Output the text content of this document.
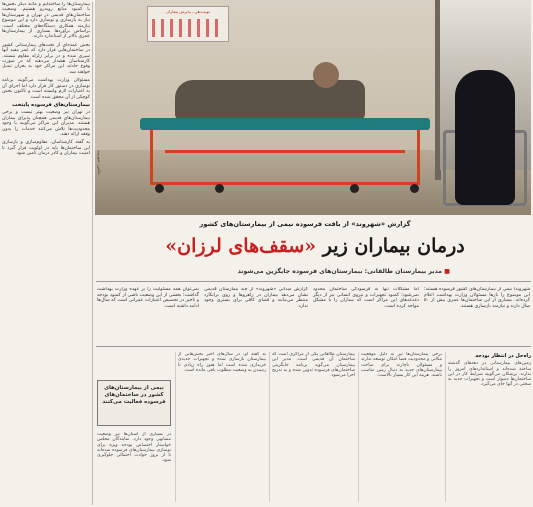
بیمارستان‌ها را ساخته‌ایم و مانند دیگر بخش‌ها با کمبود منابع روبه‌رو هستیم. وضعیت ساختمان‌های قدیمی در تهران و شهرستان‌ها نیاز به بازسازی و نوسازی دارد و این موضوع نیازمند همکاری دستگاه‌های مختلف است. براساس برآوردها بسیاری از بیمارستان‌ها عمری بالاتر از استاندارد دارند.

بخش عمده‌ای از تخت‌های بیمارستانی کشور در ساختمان‌هایی قرار دارد که عمر مفید آنها سپری شده و در برابر زلزله مقاوم نیستند. کارشناسان هشدار می‌دهند که در صورت وقوع حادثه، این مراکز خود به بحران تبدیل خواهند شد.

مسئولان وزارت بهداشت می‌گویند برنامه نوسازی در دستور کار قرار دارد اما اجرای آن به اعتبارات لازم وابسته است و تاکنون بخش کوچکی از آن محقق شده است.

بیمارستان‌های فرسوده پایتخت

در تهران نیز وضعیت بهتر نیست و برخی بیمارستان‌های قدیمی همچنان پذیرای بیماران هستند. مدیران این مراکز می‌گویند با وجود محدودیت‌ها تلاش می‌کنند خدمات را بدون وقفه ارائه دهند.

به گفته کارشناسان، مقاوم‌سازی و بازسازی این ساختمان‌ها باید در اولویت قرار گیرد تا امنیت بیماران و کادر درمان تامین شود.

نوبت‌دهی ـ پذیرش بیماران
عکس: شهروند
گزارش «شهروند» از بافت فرسوده نیمی از بیمارستان‌های کشور
درمان بیماران زیر «سقف‌های لرزان»
■ مدیر بیمارستان طالقانی: بیمارستان‌های فرسوده جایگزین می‌شوند
شهروند/ نیمی از بیمارستان‌های کشور فرسوده هستند؛ این موضوع را بارها مسئولان وزارت بهداشت اعلام کرده‌اند. بسیاری از این ساختمان‌ها عمری بیش از ۵۰ سال دارند و نیازمند بازسازی هستند.
اما مشکلات تنها به فرسودگی ساختمان محدود نمی‌شود؛ کمبود تجهیزات و نیروی انسانی نیز از دیگر دغدغه‌های این مراکز است که بیماران را با مشکل مواجه کرده است.
گزارش میدانی «شهروند» از چند بیمارستان قدیمی نشان می‌دهد بیماران در راهروها و روی برانکارد منتظر می‌مانند و فضای کافی برای بستری وجود ندارد.
نمی‌توان همه مسئولیت را بر عهده وزارت بهداشت گذاشت؛ بخشی از این وضعیت ناشی از کمبود بودجه و تاخیر در تخصیص اعتبارات عمرانی است که سال‌ها ادامه داشته است.
راه‌حل در انتظار بودجه
زمین‌های بیمارستانی در دهه‌های گذشته ساخته شده‌اند و استانداردهای امروز را ندارند. پزشکان می‌گویند شرایط کار در این ساختمان‌ها دشوار است و تجهیزات جدید به سختی در آنها جای می‌گیرد.
برخی بیمارستان‌ها نیز به دلیل موقعیت مکانی و محدودیت فضا امکان توسعه ندارند و مسئولان ناچارند برای ساخت بیمارستان‌های جدید به دنبال زمین مناسب باشند. هزینه این کار بسیار بالاست.
بیمارستان طالقانی یکی از مراکزی است که ساختمان آن قدیمی است. مدیر این بیمارستان می‌گوید برنامه جایگزینی ساختمان‌های فرسوده تدوین شده و به تدریج اجرا می‌شود.
به گفته او، در سال‌های اخیر بخش‌هایی از بیمارستان بازسازی شده و تجهیزات جدیدی خریداری شده است اما هنوز راه زیادی تا رسیدن به وضعیت مطلوب باقی مانده است.
در بسیاری از استان‌ها نیز وضعیت مشابهی وجود دارد. نمایندگان مجلس خواستار اختصاص بودجه ویژه برای نوسازی بیمارستان‌های فرسوده شده‌اند تا از بروز حوادث احتمالی جلوگیری شود.
نیمی از بیمارستان‌های کشور در ساختمان‌های فرسوده فعالیت می‌کنند
